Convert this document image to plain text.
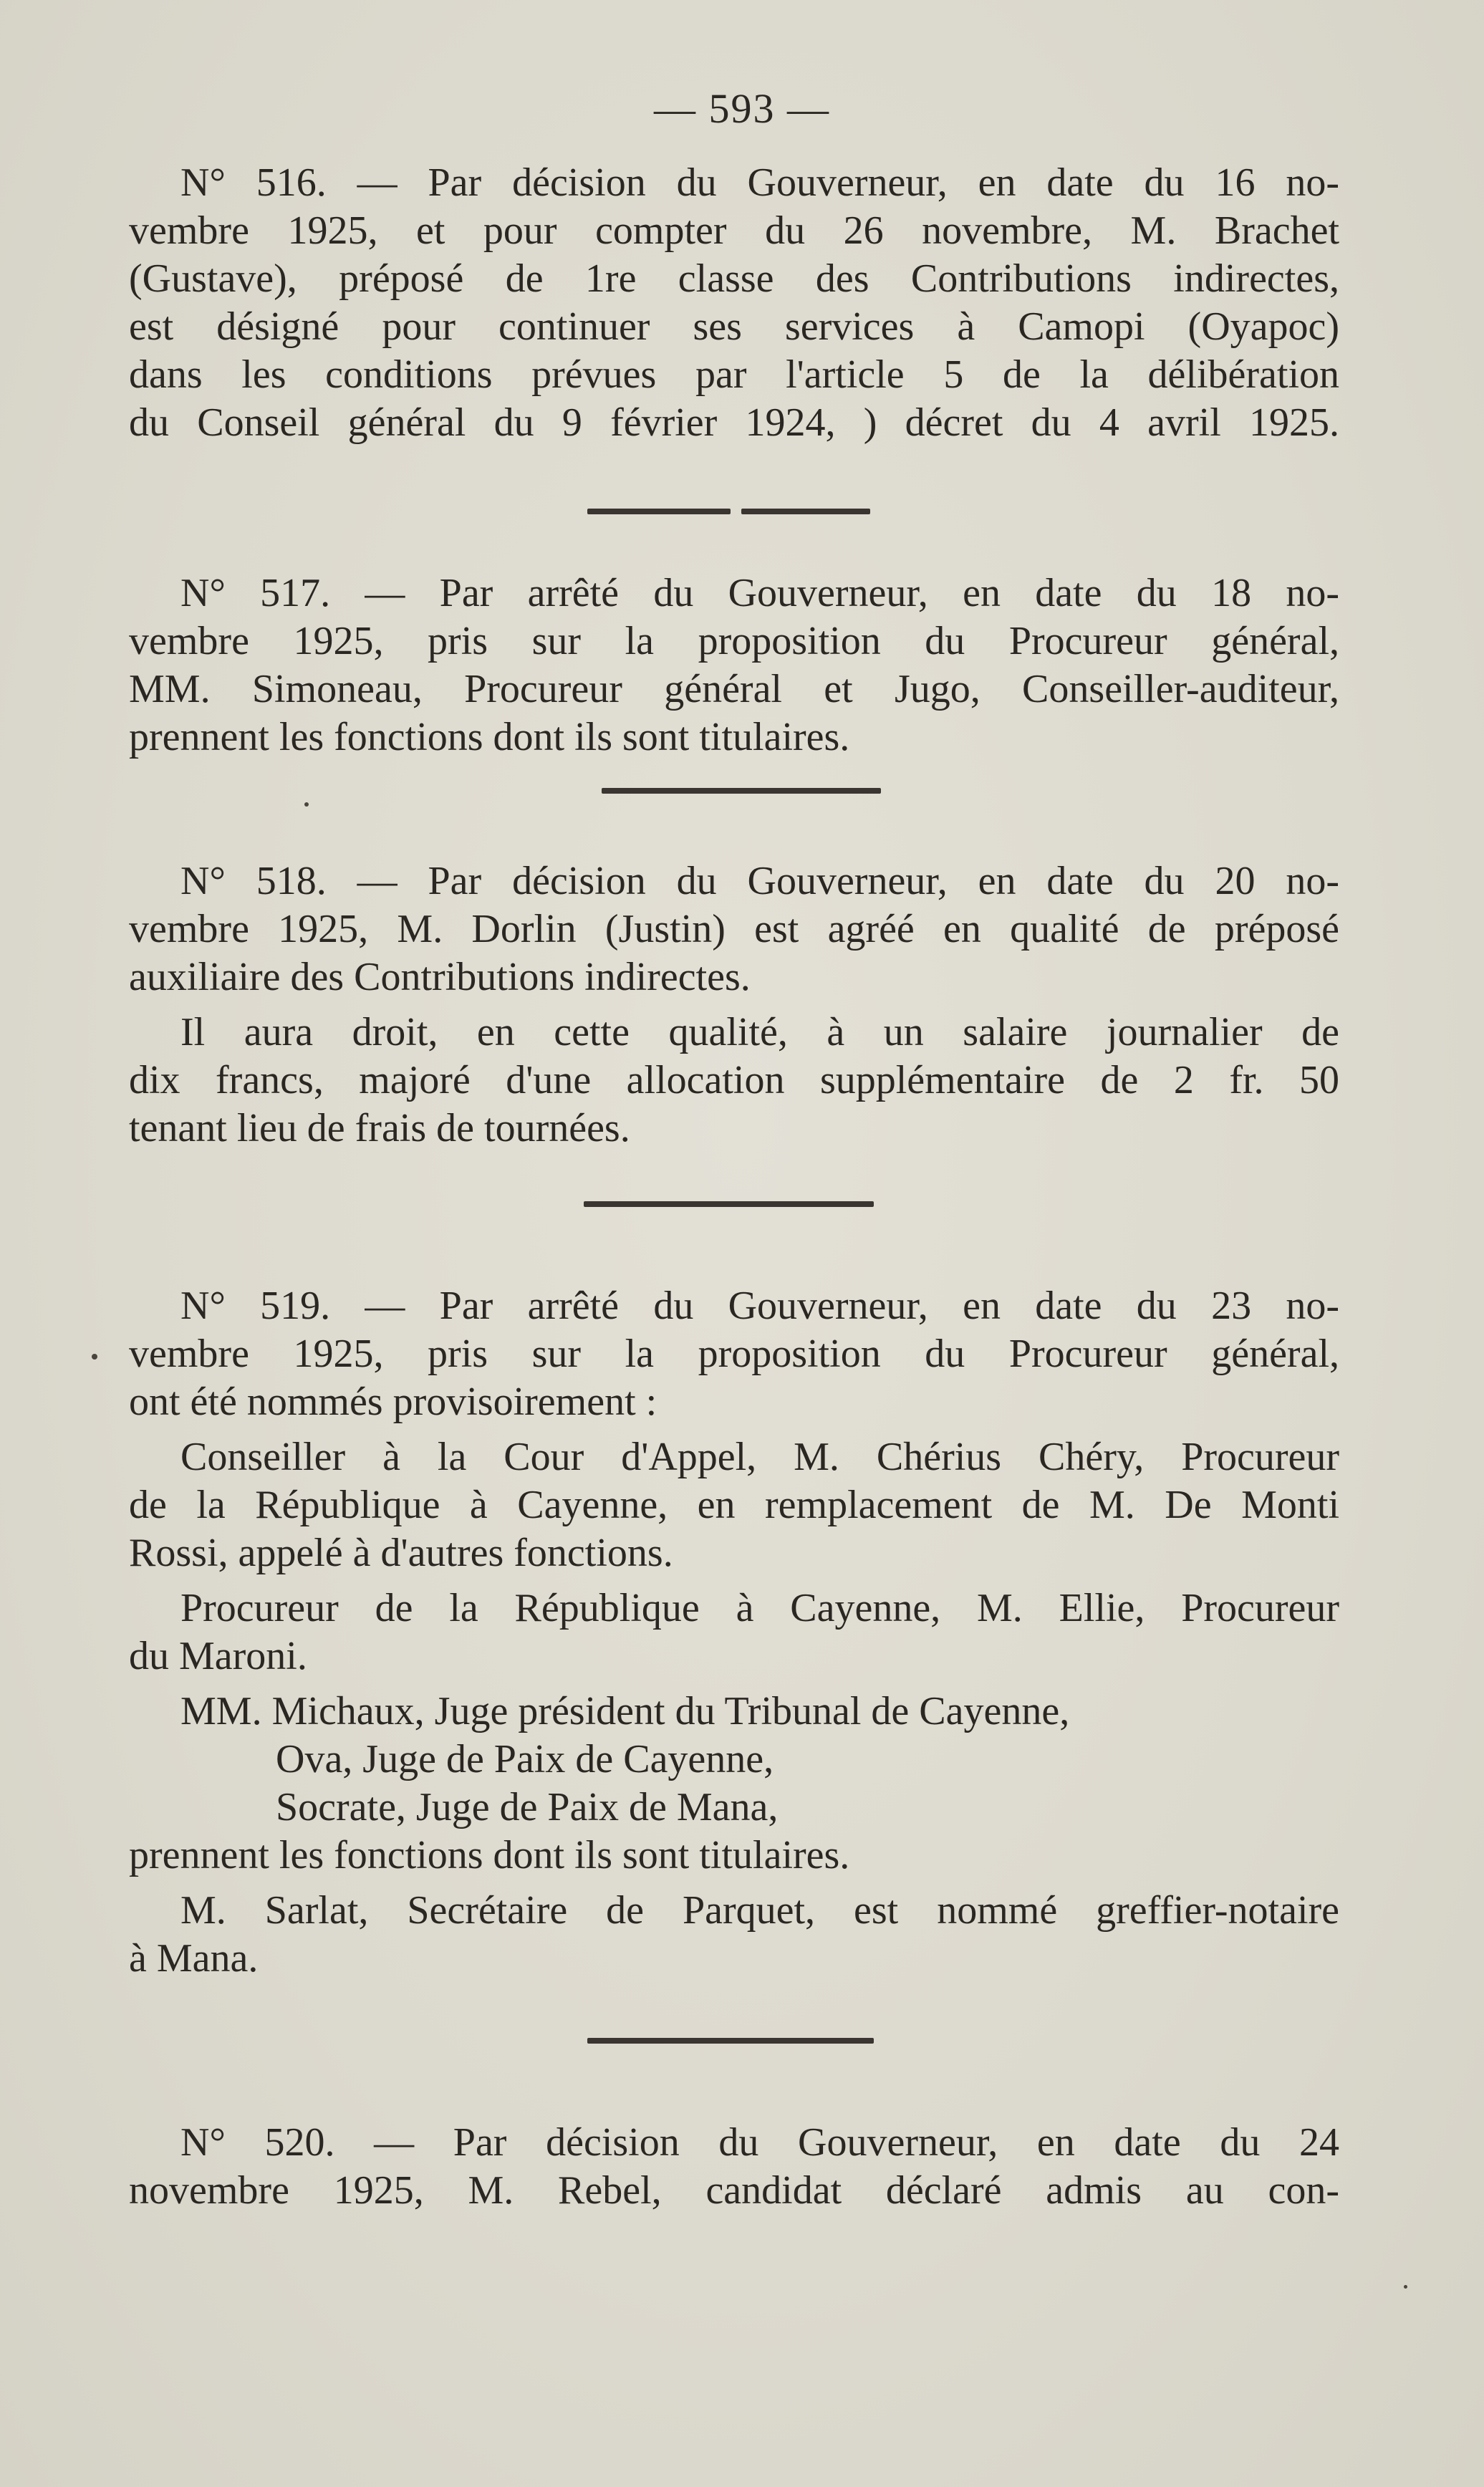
— 593 —
N° 516. — Par décision du Gouverneur, en date du 16 no-
vembre 1925, et pour compter du 26 novembre, M. Brachet
(Gustave), préposé de 1re classe des Contributions indirectes,
est désigné pour continuer ses services à Camopi (Oyapoc)
dans les conditions prévues par l'article 5 de la délibération
du Conseil général du 9 février 1924, ) décret du 4 avril 1925.
N° 517. — Par arrêté du Gouverneur, en date du 18 no-
vembre 1925, pris sur la proposition du Procureur général,
MM. Simoneau, Procureur général et Jugo, Conseiller-auditeur,
prennent les fonctions dont ils sont titulaires.
N° 518. — Par décision du Gouverneur, en date du 20 no-
vembre 1925, M. Dorlin (Justin) est agréé en qualité de préposé
auxiliaire des Contributions indirectes.
Il aura droit, en cette qualité, à un salaire journalier de
dix francs, majoré d'une allocation supplémentaire de 2 fr. 50
tenant lieu de frais de tournées.
N° 519. — Par arrêté du Gouverneur, en date du 23 no-
vembre 1925, pris sur la proposition du Procureur général,
ont été nommés provisoirement :
Conseiller à la Cour d'Appel, M. Chérius Chéry, Procureur
de la République à Cayenne, en remplacement de M. De Monti
Rossi, appelé à d'autres fonctions.
Procureur de la République à Cayenne, M. Ellie, Procureur
du Maroni.
MM. Michaux, Juge président du Tribunal de Cayenne,
Ova, Juge de Paix de Cayenne,
Socrate, Juge de Paix de Mana,
prennent les fonctions dont ils sont titulaires.
M. Sarlat, Secrétaire de Parquet, est nommé greffier-notaire
à Mana.
N° 520. — Par décision du Gouverneur, en date du 24
novembre 1925, M. Rebel, candidat déclaré admis au con-
